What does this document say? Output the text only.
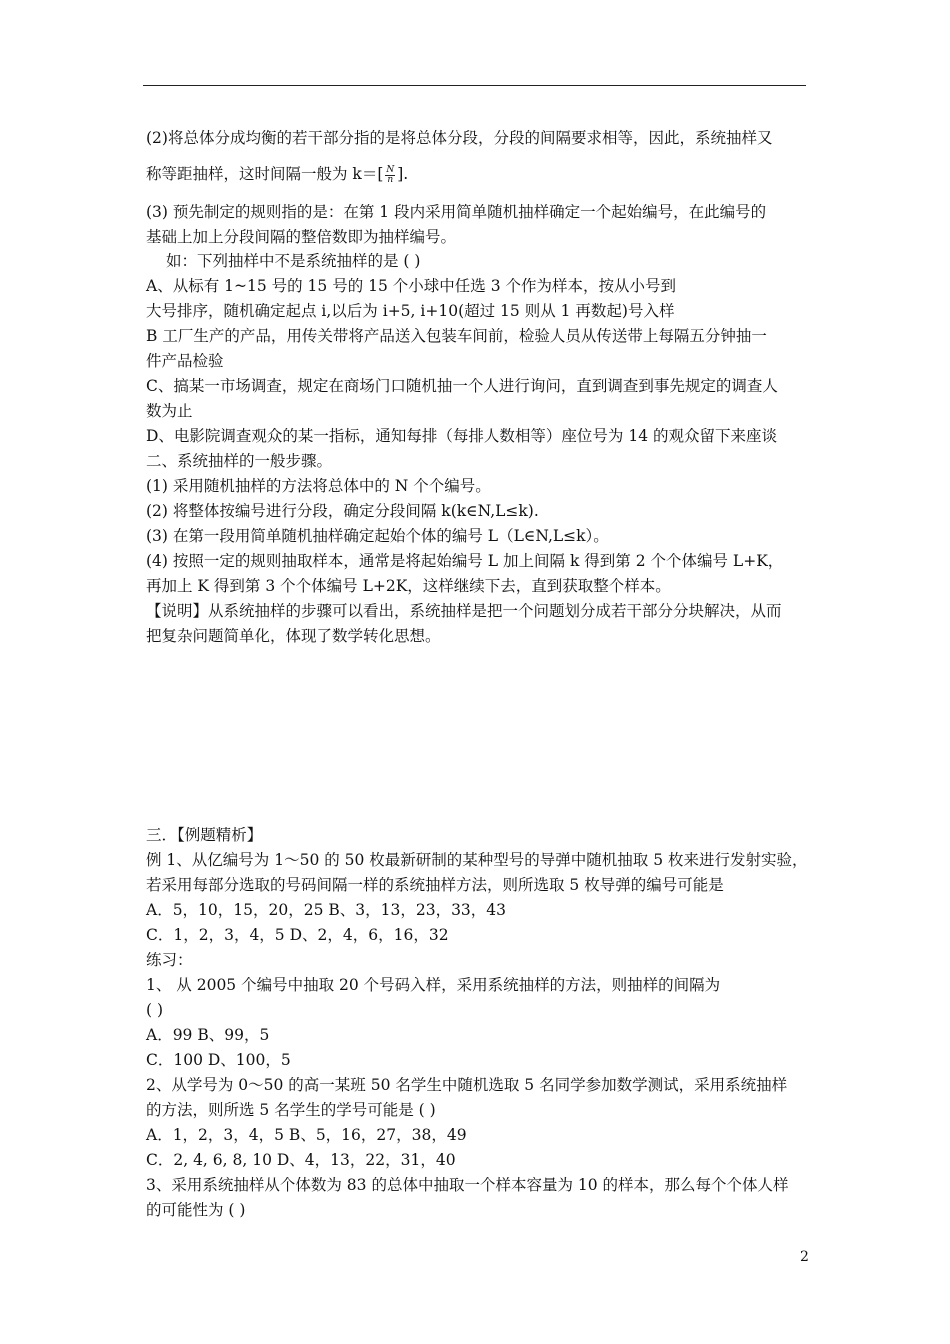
(2)将总体分成均衡的若干部分指的是将总体分段，分段的间隔要求相等，因此，系统抽样又
称等距抽样，这时间隔一般为 $k=[ \frac{N}{n}$ ].
(3) 预先制定的规则指的是：在第 1 段内采用简单随机抽样确定一个起始编号，在此编号的
基础上加上分段间隔的整倍数即为抽样编号。
如：下列抽样中不是系统抽样的是 ( )
A、从标有 1~15 号的 15 号的 15 个小球中任选 3 个作为样本，按从小号到
大号排序，随机确定起点 i,以后为 i+5, i+10(超过 15 则从 1 再数起)号入样
B 工厂生产的产品，用传关带将产品送入包装车间前，检验人员从传送带上每隔五分钟抽一
件产品检验
C、搞某一市场调查，规定在商场门口随机抽一个人进行询问，直到调查到事先规定的调查人
数为止
D、电影院调查观众的某一指标，通知每排（每排人数相等）座位号为 14 的观众留下来座谈
二、系统抽样的一般步骤。
(1) 采用随机抽样的方法将总体中的 N 个个编号。
(2) 将整体按编号进行分段，确定分段间隔 k(k∈N,L≤k).
(3) 在第一段用简单随机抽样确定起始个体的编号 L（L∈N,L≤k）。
(4) 按照一定的规则抽取样本，通常是将起始编号 L 加上间隔 k 得到第 2 个个体编号 L+K，
再加上 K 得到第 3 个个体编号 L+2K，这样继续下去，直到获取整个样本。
【说明】从系统抽样的步骤可以看出，系统抽样是把一个问题划分成若干部分分块解决，从而
把复杂问题简单化，体现了数学转化思想。
三．【例题精析】
例 1、从亿编号为 1～50 的 50 枚最新研制的某种型号的导弹中随机抽取 5 枚来进行发射实验，
若采用每部分选取的号码间隔一样的系统抽样方法，则所选取 5 枚导弹的编号可能是
A．5，10，15，20，25 B、3，13，23，33，43
C．1，2，3，4，5 D、2，4，6，16，32
练习：
1、 从 2005 个编号中抽取 20 个号码入样，采用系统抽样的方法，则抽样的间隔为
( )
A．99 B、99，5
C．100 D、100，5
2、从学号为 0～50 的高一某班 50 名学生中随机选取 5 名同学参加数学测试，采用系统抽样
的方法，则所选 5 名学生的学号可能是 ( )
A．1，2，3，4，5 B、5，16，27，38，49
C．2, 4, 6, 8, 10 D、4，13，22，31，40
3、采用系统抽样从个体数为 83 的总体中抽取一个样本容量为 10 的样本，那么每个个体人样
的可能性为 ( )
2
